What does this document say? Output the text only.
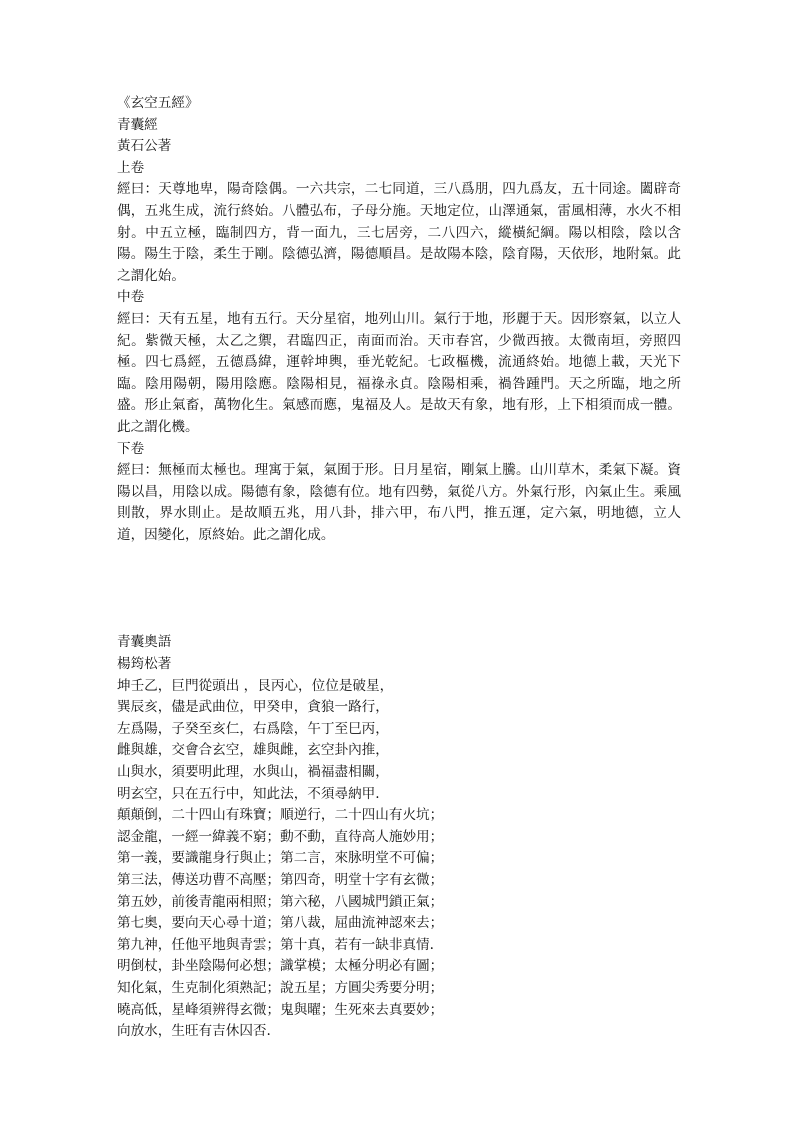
《玄空五經》
青囊經
黃石公著
上卷
經曰：天尊地卑，陽奇陰偶。一六共宗，二七同道，三八爲朋，四九爲友，五十同途。闔辟奇偶，五兆生成，流行終始。八體弘布，子母分施。天地定位，山澤通氣，雷風相薄，水火不相射。中五立極，臨制四方，背一面九，三七居旁，二八四六，縱橫紀綱。陽以相陰，陰以含陽。陽生于陰，柔生于剛。陰德弘濟，陽德順昌。是故陽本陰，陰育陽，天依形，地附氣。此之謂化始。
中卷
經曰：天有五星，地有五行。天分星宿，地列山川。氣行于地，形麗于天。因形察氣，以立人紀。紫微天極，太乙之禦，君臨四正，南面而治。天市春宮，少微西掖。太微南垣，旁照四極。四七爲經，五德爲緯，運幹坤輿，垂光乾紀。七政樞機，流通終始。地德上載，天光下臨。陰用陽朝，陽用陰應。陰陽相見，福祿永貞。陰陽相乘，禍咎踵門。天之所臨，地之所盛。形止氣畜，萬物化生。氣感而應，鬼福及人。是故天有象，地有形，上下相須而成一體。此之謂化機。
下卷
經曰：無極而太極也。理寓于氣，氣囿于形。日月星宿，剛氣上騰。山川草木，柔氣下凝。資陽以昌，用陰以成。陽德有象，陰德有位。地有四勢，氣從八方。外氣行形，內氣止生。乘風則散，界水則止。是故順五兆，用八卦，排六甲，布八門，推五運，定六氣，明地德，立人道，因變化，原終始。此之謂化成。
青囊奧語
楊筠松著
坤壬乙，巨門從頭出 ，艮丙心，位位是破星，
巽辰亥，儘是武曲位，甲癸申，貪狼一路行，
左爲陽，子癸至亥仁，右爲陰，午丁至巳丙，
雌與雄，交會合玄空，雄與雌，玄空卦內推，
山與水，須要明此理，水與山，禍福盡相關，
明玄空，只在五行中，知此法，不須尋納甲.
顛顛倒，二十四山有珠寶；順逆行，二十四山有火坑；
認金龍，一經一緯義不窮；動不動，直待高人施妙用；
第一義，要識龍身行與止；第二言，來脉明堂不可偏；
第三法，傳送功曹不高壓；第四奇，明堂十字有玄微；
第五妙，前後青龍兩相照；第六秘，八國城門鎖正氣；
第七奥，要向天心尋十道；第八裁，屈曲流神認來去；
第九神，任他平地與青雲；第十真，若有一缺非真情.
明倒杖，卦坐陰陽何必想；識掌模；太極分明必有圖；
知化氣，生克制化須熟記；說五星；方圓尖秀要分明；
曉高低，星峰須辨得玄微；鬼與曜；生死來去真要妙；
向放水，生旺有吉休囚否.
